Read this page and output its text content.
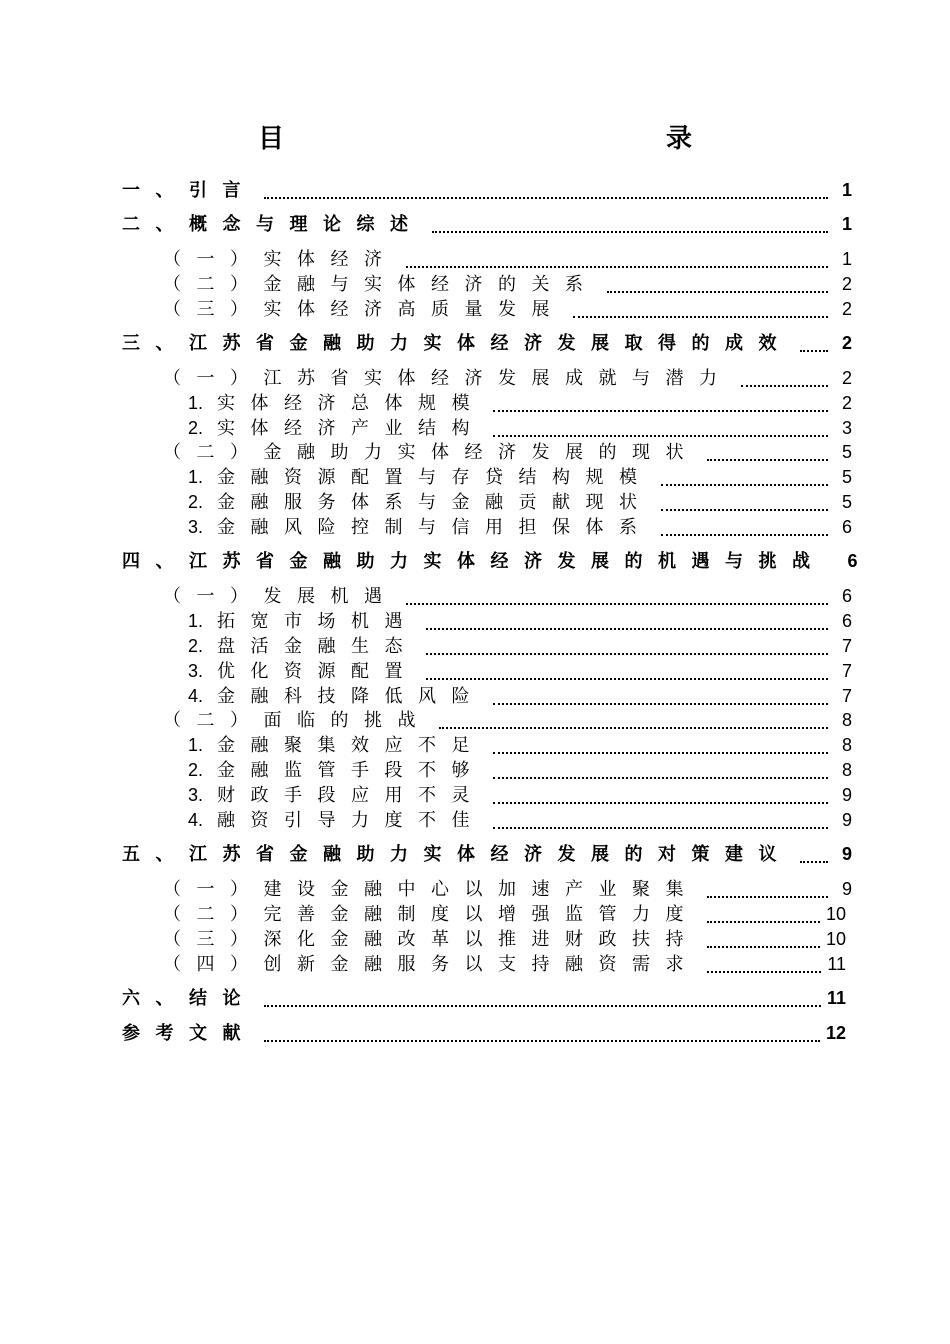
目　　录
一、引言	1
二、概念与理论综述	1
（一）实体经济	1
（二）金融与实体经济的关系	2
（三）实体经济高质量发展	2
三、江苏省金融助力实体经济发展取得的成效	2
（一）江苏省实体经济发展成就与潜力	2
1. 实体经济总体规模	2
2. 实体经济产业结构	3
（二）金融助力实体经济发展的现状	5
1. 金融资源配置与存贷结构规模	5
2. 金融服务体系与金融贡献现状	5
3. 金融风险控制与信用担保体系	6
四、江苏省金融助力实体经济发展的机遇与挑战	6
（一）发展机遇	6
1. 拓宽市场机遇	6
2. 盘活金融生态	7
3. 优化资源配置	7
4. 金融科技降低风险	7
（二）面临的挑战	8
1. 金融聚集效应不足	8
2. 金融监管手段不够	8
3. 财政手段应用不灵	9
4. 融资引导力度不佳	9
五、江苏省金融助力实体经济发展的对策建议	9
（一）建设金融中心以加速产业聚集	9
（二）完善金融制度以增强监管力度	10
（三）深化金融改革以推进财政扶持	10
（四）创新金融服务以支持融资需求	11
六、结论	11
参考文献	12
